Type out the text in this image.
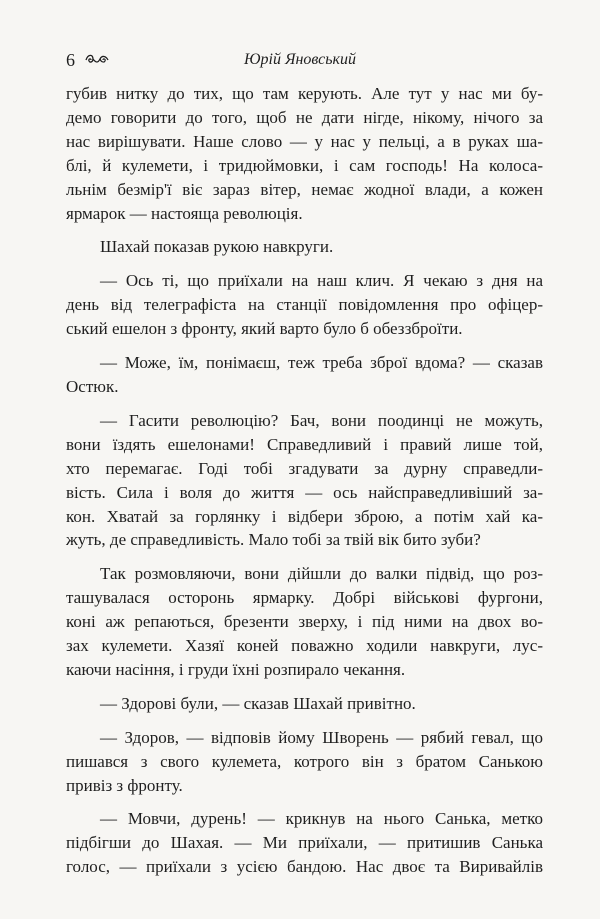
6	Юрій Яновський

губив нитку до тих, що там керують. Але тут у нас ми бу-

демо говорити до того, щоб не дати нігде, нікому, нічого за

нас вирішувати. Наше слово — у нас у пельці, а в руках ша-

блі, й кулемети, і тридюймовки, і сам господь! На колоса-

льнім безмір'ї віє зараз вітер, немає жодної влади, а кожен

ярмарок — настояща революція.

Шахай показав рукою навкруги.

— Ось ті, що приїхали на наш клич. Я чекаю з дня на

день від телеграфіста на станції повідомлення про офіцер-

ський ешелон з фронту, який варто було б обеззброїти.

— Може, їм, понімаєш, теж треба зброї вдома? — сказав

Остюк.

— Гасити революцію? Бач, вони поодинці не можуть,

вони їздять ешелонами! Справедливий і правий лише той,

хто перемагає. Годі тобі згадувати за дурну справедли-

вість. Сила і воля до життя — ось найсправедливіший за-

кон. Хватай за горлянку і відбери зброю, а потім хай ка-

жуть, де справедливість. Мало тобі за твій вік бито зуби?

Так розмовляючи, вони дійшли до валки підвід, що роз-

ташувалася осторонь ярмарку. Добрі військові фургони,

коні аж репаються, брезенти зверху, і під ними на двох во-

зах кулемети. Хазяї коней поважно ходили навкруги, лус-

каючи насіння, і груди їхні розпирало чекання.

— Здорові були, — сказав Шахай привітно.

— Здоров, — відповів йому Шворень — рябий гевал, що

пишався з свого кулемета, котрого він з братом Санькою

привіз з фронту.

— Мовчи, дурень! — крикнув на нього Санька, метко

підбігши до Шахая. — Ми приїхали, — притишив Санька

голос, — приїхали з усією бандою. Нас двоє та Виривайлів
